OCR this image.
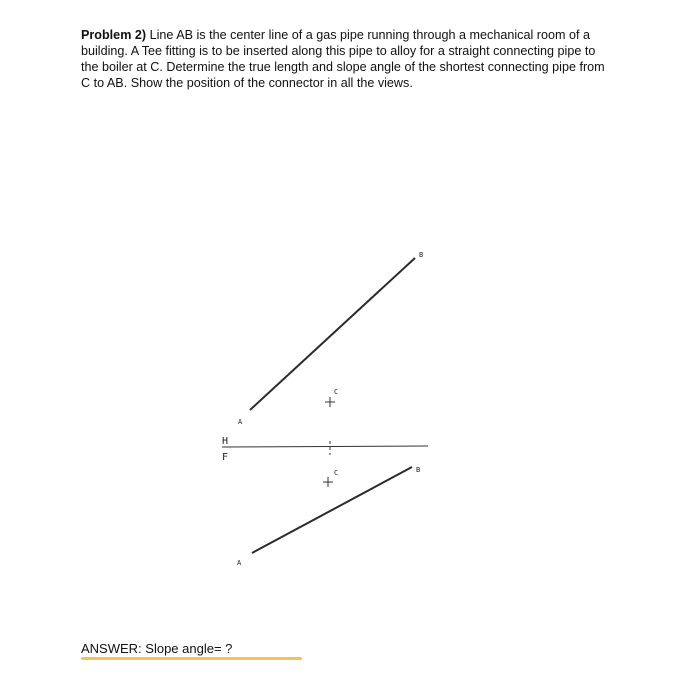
Problem 2) Line AB is the center line of a gas pipe running through a mechanical room of a building. A Tee fitting is to be inserted along this pipe to alloy for a straight connecting pipe to the boiler at C. Determine the true length and slope angle of the shortest connecting pipe from C to AB. Show the position of the connector in all the views.
A
B
C
A
B
C
H
F
ANSWER: Slope angle= ?
